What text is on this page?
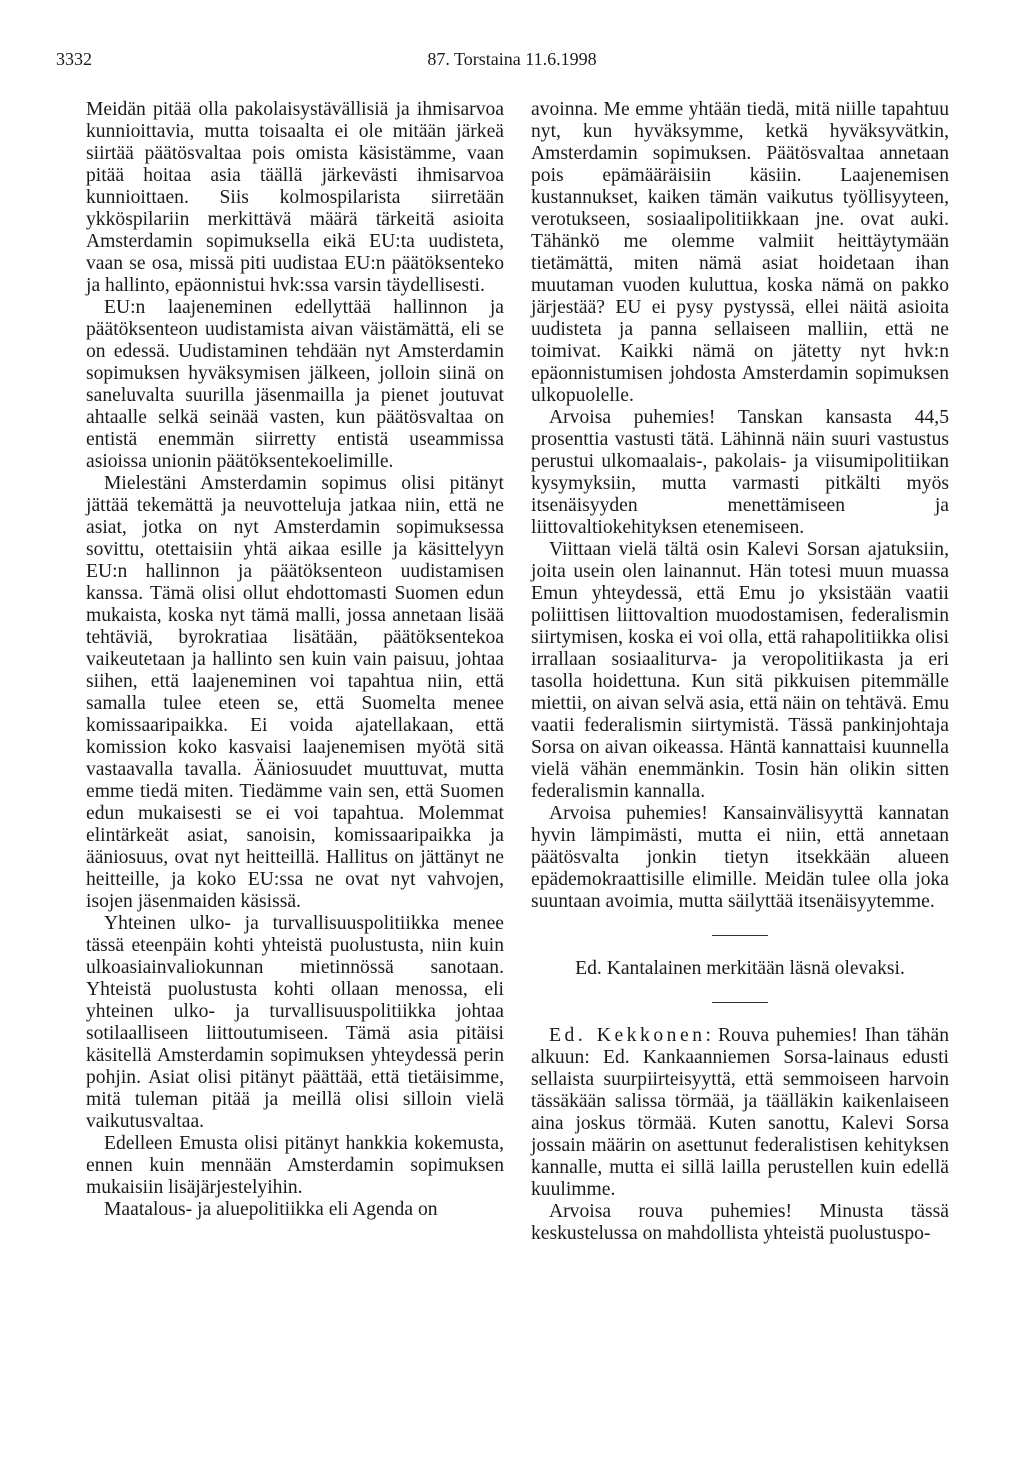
3332	87. Torstaina 11.6.1998

Meidän pitää olla pakolaisystävällisiä ja ihmisarvoa kunnioittavia, mutta toisaalta ei ole mitään järkeä siirtää päätösvaltaa pois omista käsistämme, vaan pitää hoitaa asia täällä järkevästi ihmisarvoa kunnioittaen. Siis kolmospilarista siirretään ykköspilariin merkittävä määrä tärkeitä asioita Amsterdamin sopimuksella eikä EU:ta uudisteta, vaan se osa, missä piti uudistaa EU:n päätöksenteko ja hallinto, epäonnistui hvk:ssa varsin täydellisesti.

EU:n laajeneminen edellyttää hallinnon ja päätöksenteon uudistamista aivan väistämättä, eli se on edessä. Uudistaminen tehdään nyt Amsterdamin sopimuksen hyväksymisen jälkeen, jolloin siinä on saneluvalta suurilla jäsenmailla ja pienet joutuvat ahtaalle selkä seinää vasten, kun päätösvaltaa on entistä enemmän siirretty entistä useammissa asioissa unionin päätöksentekoelimille.

Mielestäni Amsterdamin sopimus olisi pitänyt jättää tekemättä ja neuvotteluja jatkaa niin, että ne asiat, jotka on nyt Amsterdamin sopimuksessa sovittu, otettaisiin yhtä aikaa esille ja käsittelyyn EU:n hallinnon ja päätöksenteon uudistamisen kanssa. Tämä olisi ollut ehdottomasti Suomen edun mukaista, koska nyt tämä malli, jossa annetaan lisää tehtäviä, byrokratiaa lisätään, päätöksentekoa vaikeutetaan ja hallinto sen kuin vain paisuu, johtaa siihen, että laajeneminen voi tapahtua niin, että samalla tulee eteen se, että Suomelta menee komissaaripaikka. Ei voida ajatellakaan, että komission koko kasvaisi laajenemisen myötä sitä vastaavalla tavalla. Ääniosuudet muuttuvat, mutta emme tiedä miten. Tiedämme vain sen, että Suomen edun mukaisesti se ei voi tapahtua. Molemmat elintärkeät asiat, sanoisin, komissaaripaikka ja ääniosuus, ovat nyt heitteillä. Hallitus on jättänyt ne heitteille, ja koko EU:ssa ne ovat nyt vahvojen, isojen jäsenmaiden käsissä.

Yhteinen ulko- ja turvallisuuspolitiikka menee tässä eteenpäin kohti yhteistä puolustusta, niin kuin ulkoasiainvaliokunnan mietinnössä sanotaan. Yhteistä puolustusta kohti ollaan menossa, eli yhteinen ulko- ja turvallisuuspolitiikka johtaa sotilaalliseen liittoutumiseen. Tämä asia pitäisi käsitellä Amsterdamin sopimuksen yhteydessä perin pohjin. Asiat olisi pitänyt päättää, että tietäisimme, mitä tuleman pitää ja meillä olisi silloin vielä vaikutusvaltaa.

Edelleen Emusta olisi pitänyt hankkia kokemusta, ennen kuin mennään Amsterdamin sopimuksen mukaisiin lisäjärjestelyihin.

Maatalous- ja aluepolitiikka eli Agenda on

avoinna. Me emme yhtään tiedä, mitä niille tapahtuu nyt, kun hyväksymme, ketkä hyväksyvätkin, Amsterdamin sopimuksen. Päätösvaltaa annetaan pois epämääräisiin käsiin. Laajenemisen kustannukset, kaiken tämän vaikutus työllisyyteen, verotukseen, sosiaalipolitiikkaan jne. ovat auki. Tähänkö me olemme valmiit heittäytymään tietämättä, miten nämä asiat hoidetaan ihan muutaman vuoden kuluttua, koska nämä on pakko järjestää? EU ei pysy pystyssä, ellei näitä asioita uudisteta ja panna sellaiseen malliin, että ne toimivat. Kaikki nämä on jätetty nyt hvk:n epäonnistumisen johdosta Amsterdamin sopimuksen ulkopuolelle.

Arvoisa puhemies! Tanskan kansasta 44,5 prosenttia vastusti tätä. Lähinnä näin suuri vastustus perustui ulkomaalais-, pakolais- ja viisumipolitiikan kysymyksiin, mutta varmasti pitkälti myös itsenäisyyden menettämiseen ja liittovaltiokehityksen etenemiseen.

Viittaan vielä tältä osin Kalevi Sorsan ajatuksiin, joita usein olen lainannut. Hän totesi muun muassa Emun yhteydessä, että Emu jo yksistään vaatii poliittisen liittovaltion muodostamisen, federalismin siirtymisen, koska ei voi olla, että rahapolitiikka olisi irrallaan sosiaaliturva- ja veropolitiikasta ja eri tasolla hoidettuna. Kun sitä pikkuisen pitemmälle miettii, on aivan selvä asia, että näin on tehtävä. Emu vaatii federalismin siirtymistä. Tässä pankinjohtaja Sorsa on aivan oikeassa. Häntä kannattaisi kuunnella vielä vähän enemmänkin. Tosin hän olikin sitten federalismin kannalla.

Arvoisa puhemies! Kansainvälisyyttä kannatan hyvin lämpimästi, mutta ei niin, että annetaan päätösvalta jonkin tietyn itsekkään alueen epädemokraattisille elimille. Meidän tulee olla joka suuntaan avoimia, mutta säilyttää itsenäisyytemme.

Ed. Kantalainen merkitään läsnä olevaksi.

Ed. Kekkonen: Rouva puhemies! Ihan tähän alkuun: Ed. Kankaanniemen Sorsa-lainaus edusti sellaista suurpiirteisyyttä, että semmoiseen harvoin tässäkään salissa törmää, ja täälläkin kaikenlaiseen aina joskus törmää. Kuten sanottu, Kalevi Sorsa jossain määrin on asettunut federalistisen kehityksen kannalle, mutta ei sillä lailla perustellen kuin edellä kuulimme.

Arvoisa rouva puhemies! Minusta tässä keskustelussa on mahdollista yhteistä puolustuspo-
